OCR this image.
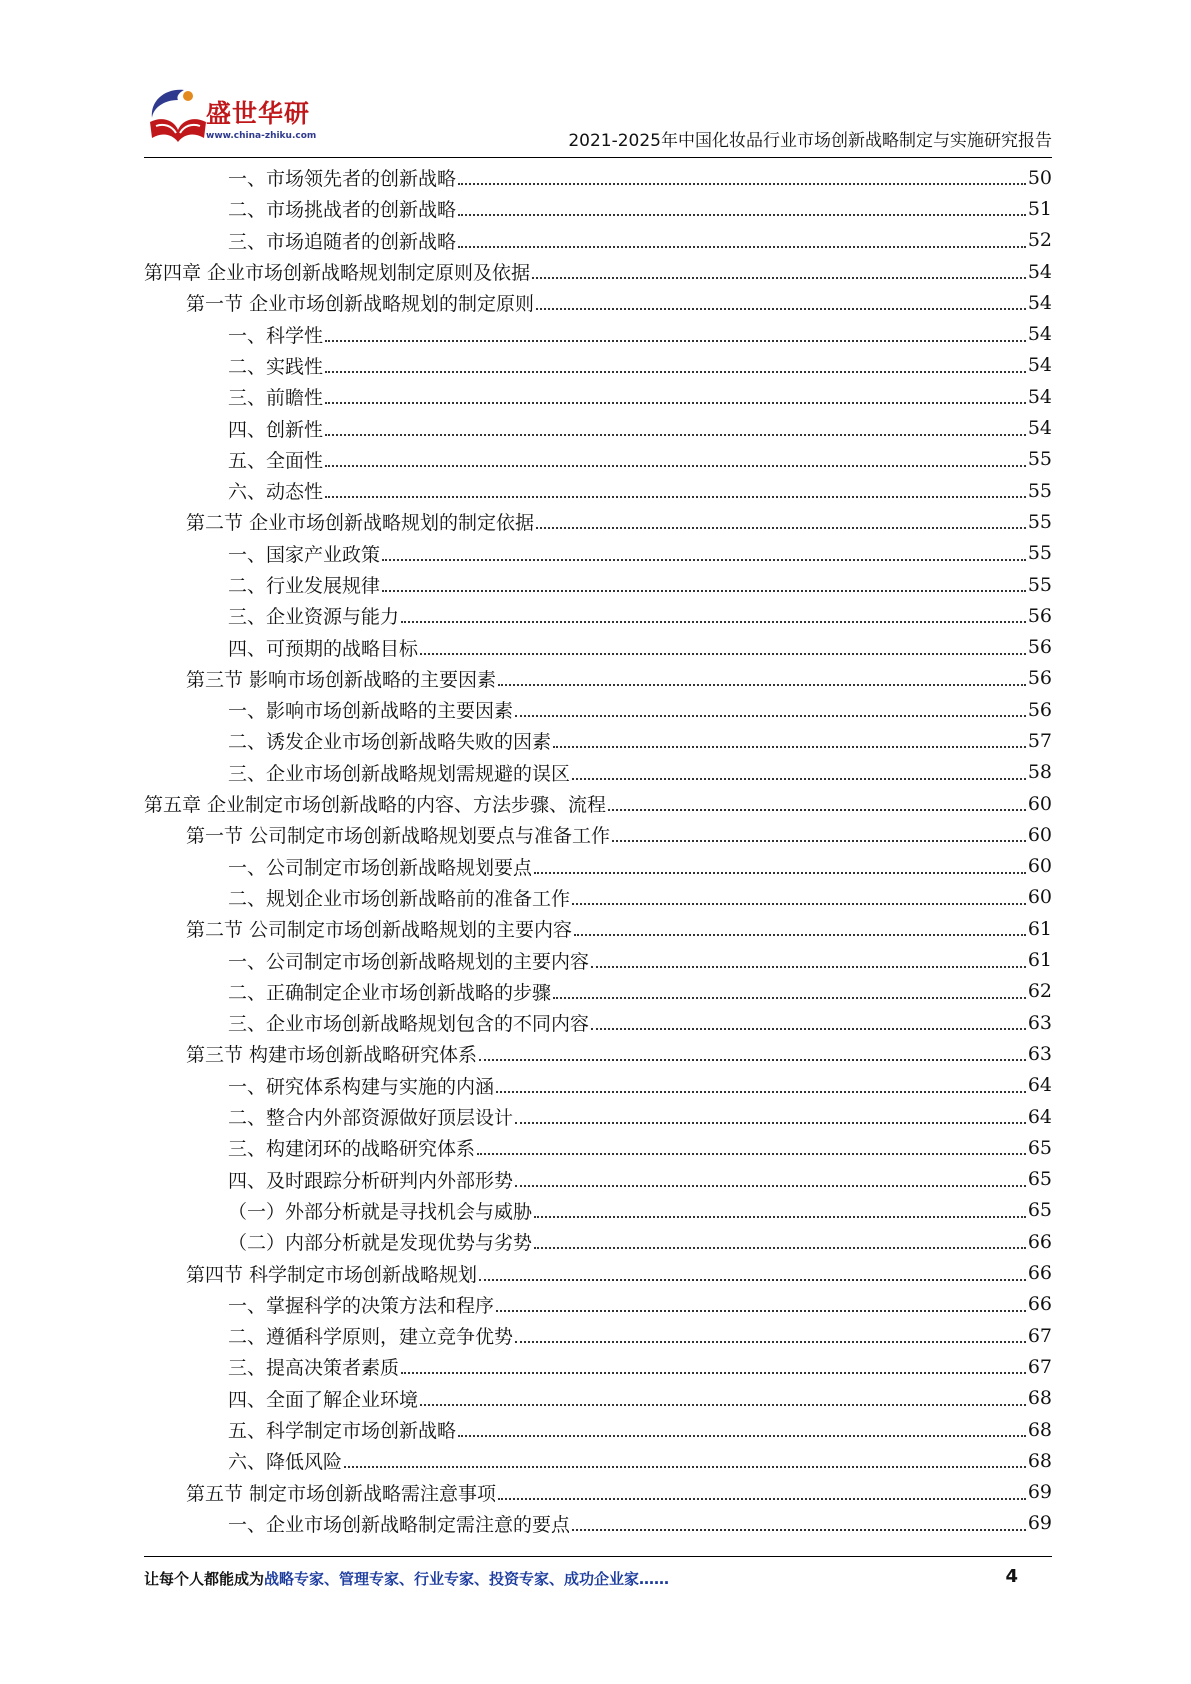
盛世华研
www.china-zhiku.com	2021-2025年中国化妆品行业市场创新战略制定与实施研究报告
一、市场领先者的创新战略	50
二、市场挑战者的创新战略	51
三、市场追随者的创新战略	52
第四章 企业市场创新战略规划制定原则及依据	54
第一节 企业市场创新战略规划的制定原则	54
一、科学性	54
二、实践性	54
三、前瞻性	54
四、创新性	54
五、全面性	55
六、动态性	55
第二节 企业市场创新战略规划的制定依据	55
一、国家产业政策	55
二、行业发展规律	55
三、企业资源与能力	56
四、可预期的战略目标	56
第三节 影响市场创新战略的主要因素	56
一、影响市场创新战略的主要因素	56
二、诱发企业市场创新战略失败的因素	57
三、企业市场创新战略规划需规避的误区	58
第五章 企业制定市场创新战略的内容、方法步骤、流程	60
第一节 公司制定市场创新战略规划要点与准备工作	60
一、公司制定市场创新战略规划要点	60
二、规划企业市场创新战略前的准备工作	60
第二节 公司制定市场创新战略规划的主要内容	61
一、公司制定市场创新战略规划的主要内容	61
二、正确制定企业市场创新战略的步骤	62
三、企业市场创新战略规划包含的不同内容	63
第三节 构建市场创新战略研究体系	63
一、研究体系构建与实施的内涵	64
二、整合内外部资源做好顶层设计	64
三、构建闭环的战略研究体系	65
四、及时跟踪分析研判内外部形势	65
（一）外部分析就是寻找机会与威胁	65
（二）内部分析就是发现优势与劣势	66
第四节 科学制定市场创新战略规划	66
一、掌握科学的决策方法和程序	66
二、遵循科学原则，建立竞争优势	67
三、提高决策者素质	67
四、全面了解企业环境	68
五、科学制定市场创新战略	68
六、降低风险	68
第五节 制定市场创新战略需注意事项	69
一、企业市场创新战略制定需注意的要点	69
让每个人都能成为战略专家、管理专家、行业专家、投资专家、成功企业家……	4
